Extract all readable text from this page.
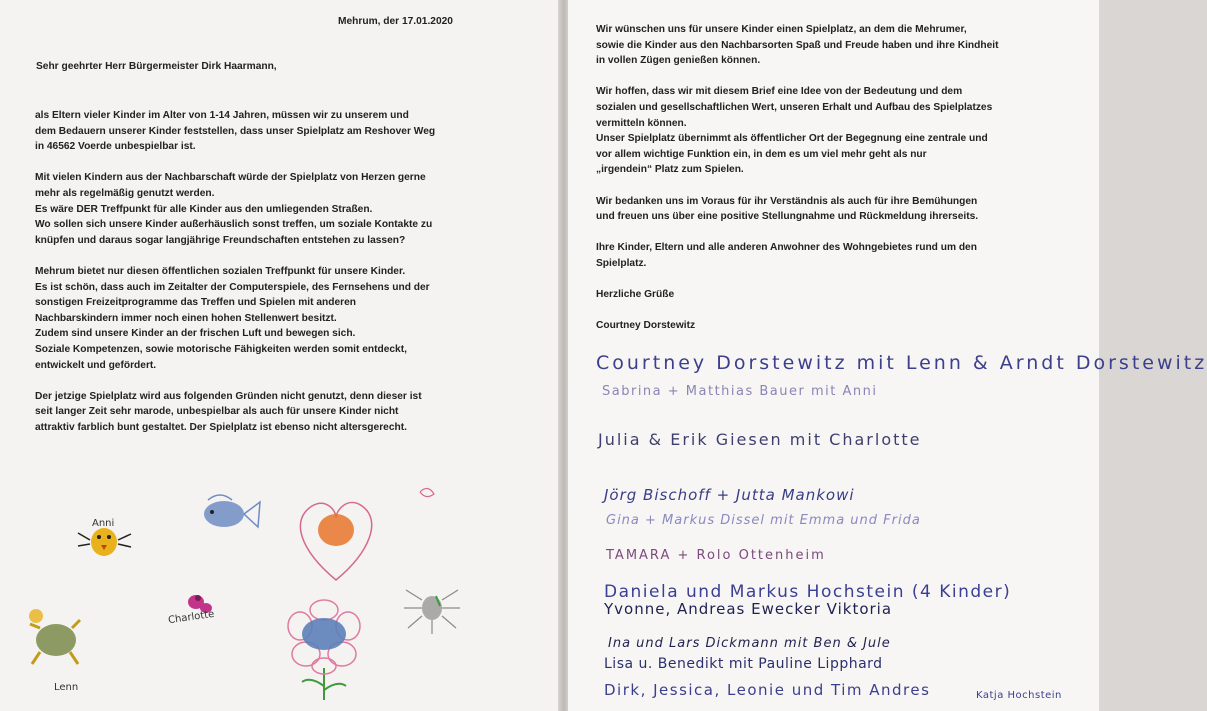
Mehrum, der 17.01.2020
Sehr geehrter Herr Bürgermeister Dirk Haarmann,
als Eltern vieler Kinder im Alter von 1-14 Jahren, müssen wir zu unserem und
dem Bedauern unserer Kinder feststellen, dass unser Spielplatz am Reshover Weg
in 46562 Voerde unbespielbar ist.
Mit vielen Kindern aus der Nachbarschaft würde der Spielplatz von Herzen gerne
mehr als regelmäßig genutzt werden.
Es wäre DER Treffpunkt für alle Kinder aus den umliegenden Straßen.
Wo sollen sich unsere Kinder außerhäuslich sonst treffen, um soziale Kontakte zu
knüpfen und daraus sogar langjährige Freundschaften entstehen zu lassen?
Mehrum bietet nur diesen öffentlichen sozialen Treffpunkt für unsere Kinder.
Es ist schön, dass auch im Zeitalter der Computerspiele, des Fernsehens und der
sonstigen Freizeitprogramme das Treffen und Spielen mit anderen
Nachbarskindern immer noch einen hohen Stellenwert besitzt.
Zudem sind unsere Kinder an der frischen Luft und bewegen sich.
Soziale Kompetenzen, sowie motorische Fähigkeiten werden somit entdeckt,
entwickelt und gefördert.
Der jetzige Spielplatz wird aus folgenden Gründen nicht genutzt, denn dieser ist
seit langer Zeit sehr marode, unbespielbar als auch für unsere Kinder nicht
attraktiv farblich bunt gestaltet. Der Spielplatz ist ebenso nicht altersgerecht.
Wir wünschen uns für unsere Kinder einen Spielplatz, an dem die Mehrumer,
sowie die Kinder aus den Nachbarsorten Spaß und Freude haben und ihre Kindheit
in vollen Zügen genießen können.
Wir hoffen, dass wir mit diesem Brief eine Idee von der Bedeutung und dem
sozialen und gesellschaftlichen Wert, unseren Erhalt und Aufbau des Spielplatzes
vermitteln können.
Unser Spielplatz übernimmt als öffentlicher Ort der Begegnung eine zentrale und
vor allem wichtige Funktion ein, in dem es um viel mehr geht als nur
„irgendein“ Platz zum Spielen.
Wir bedanken uns im Voraus für ihr Verständnis als auch für ihre Bemühungen
und freuen uns über eine positive Stellungnahme und Rückmeldung ihrerseits.
Ihre Kinder, Eltern und alle anderen Anwohner des Wohngebietes rund um den
Spielplatz.
Herzliche Grüße
Courtney Dorstewitz
Courtney Dorstewitz mit Lenn & Arndt Dorstewitz
Sabrina + Matthias Bauer mit Anni
Julia & Erik Giesen mit Charlotte
Jörg Bischoff + Jutta Mankowi
Gina + Markus Dissel mit Emma und Frida
TAMARA + Rolo Ottenheim
Daniela und Markus Hochstein (4 Kinder)
Yvonne, Andreas Ewecker Viktoria
Ina und Lars Dickmann mit Ben & Jule
Lisa u. Benedikt mit Pauline Lipphard
Dirk, Jessica, Leonie und Tim Andres	Katja Hochstein
Anni
Charlotte
Lenn
